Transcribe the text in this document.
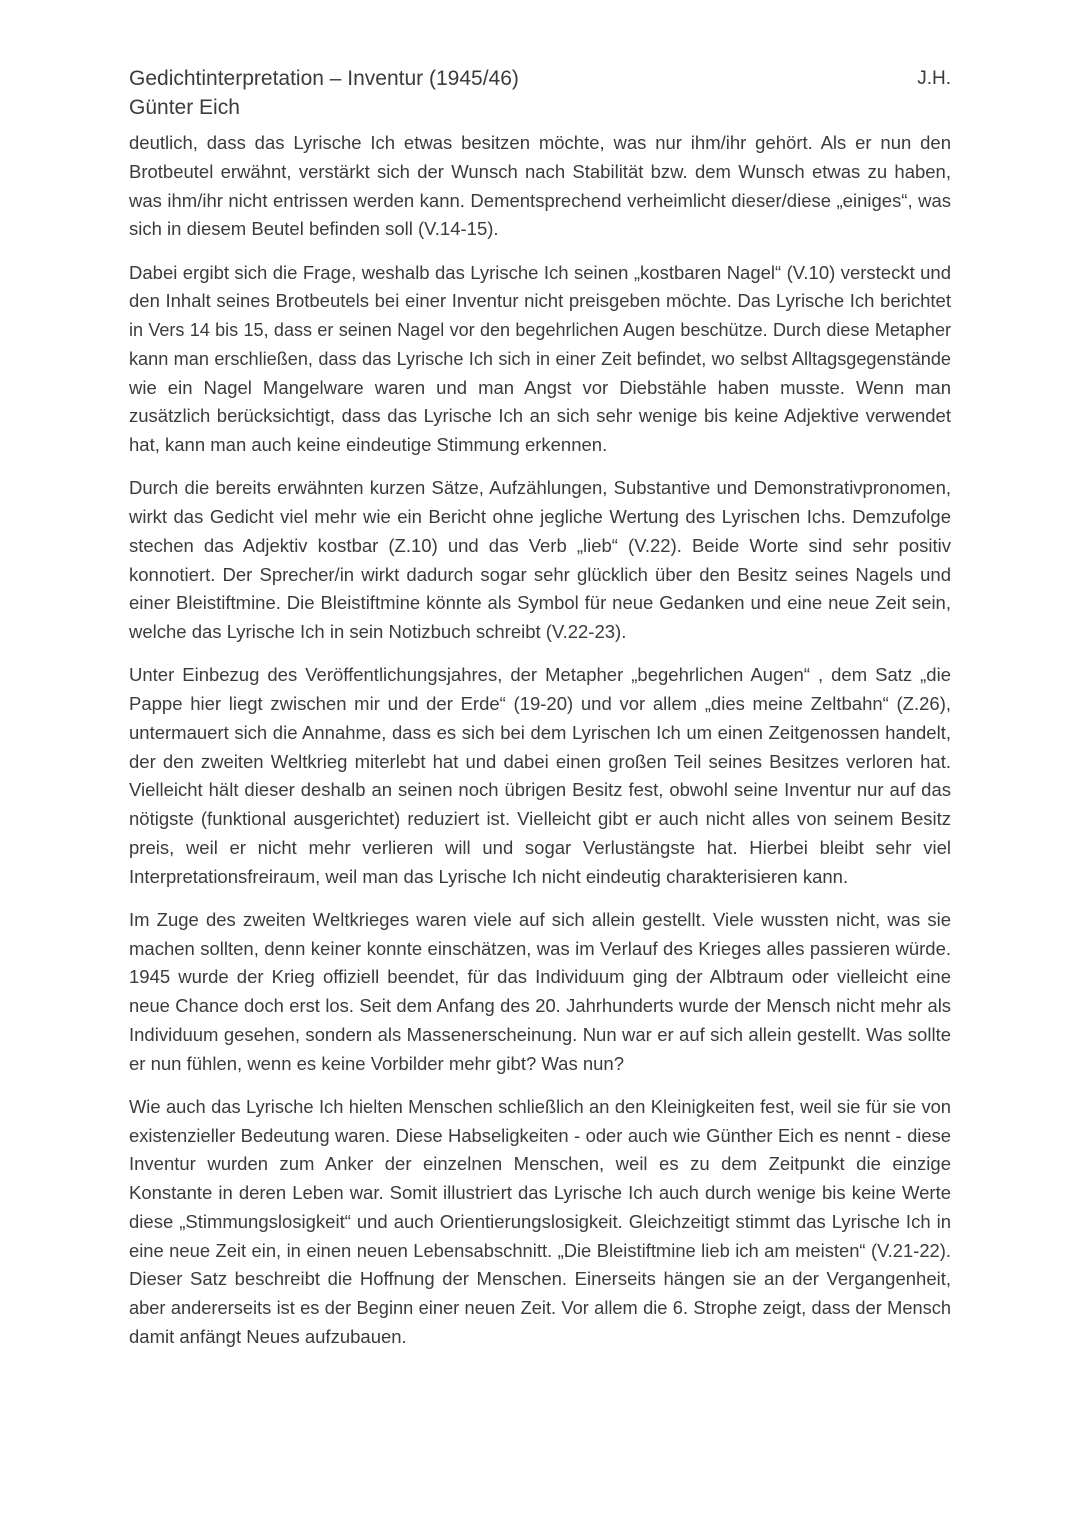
Gedichtinterpretation – Inventur (1945/46)
Günter Eich
J.H.
deutlich, dass das Lyrische Ich etwas besitzen möchte, was nur ihm/ihr gehört. Als er nun den
Brotbeutel erwähnt, verstärkt sich der Wunsch nach Stabilität bzw. dem Wunsch etwas zu haben,
was ihm/ihr nicht entrissen werden kann. Dementsprechend verheimlicht dieser/diese „einiges“, was
sich in diesem Beutel befinden soll (V.14-15).
Dabei ergibt sich die Frage, weshalb das Lyrische Ich seinen „kostbaren Nagel“ (V.10) versteckt und
den Inhalt seines Brotbeutels bei einer Inventur nicht preisgeben möchte. Das Lyrische Ich berichtet
in Vers 14 bis 15, dass er seinen Nagel vor den begehrlichen Augen beschütze. Durch diese Metapher
kann man erschließen, dass das Lyrische Ich sich in einer Zeit befindet, wo selbst Alltagsgegenstände
wie ein Nagel Mangelware waren und man Angst vor Diebstähle haben musste. Wenn man
zusätzlich berücksichtigt, dass das Lyrische Ich an sich sehr wenige bis keine Adjektive verwendet
hat, kann man auch keine eindeutige Stimmung erkennen.
Durch die bereits erwähnten kurzen Sätze, Aufzählungen, Substantive und Demonstrativpronomen,
wirkt das Gedicht viel mehr wie ein Bericht ohne jegliche Wertung des Lyrischen Ichs. Demzufolge
stechen das Adjektiv kostbar (Z.10) und das Verb „lieb“ (V.22). Beide Worte sind sehr positiv
konnotiert. Der Sprecher/in wirkt dadurch sogar sehr glücklich über den Besitz seines Nagels und
einer Bleistiftmine. Die Bleistiftmine könnte als Symbol für neue Gedanken und eine neue Zeit sein,
welche das Lyrische Ich in sein Notizbuch schreibt (V.22-23).
Unter Einbezug des Veröffentlichungsjahres, der Metapher „begehrlichen Augen“ , dem Satz „die
Pappe hier liegt zwischen mir und der Erde“ (19-20) und vor allem „dies meine Zeltbahn“ (Z.26),
untermauert sich die Annahme, dass es sich bei dem Lyrischen Ich um einen Zeitgenossen handelt,
der den zweiten Weltkrieg miterlebt hat und dabei einen großen Teil seines Besitzes verloren hat.
Vielleicht hält dieser deshalb an seinen noch übrigen Besitz fest, obwohl seine Inventur nur auf das
nötigste (funktional ausgerichtet) reduziert ist. Vielleicht gibt er auch nicht alles von seinem Besitz
preis, weil er nicht mehr verlieren will und sogar Verlustängste hat. Hierbei bleibt sehr viel
Interpretationsfreiraum, weil man das Lyrische Ich nicht eindeutig charakterisieren kann.
Im Zuge des zweiten Weltkrieges waren viele auf sich allein gestellt. Viele wussten nicht, was sie
machen sollten, denn keiner konnte einschätzen, was im Verlauf des Krieges alles passieren würde.
1945 wurde der Krieg offiziell beendet, für das Individuum ging der Albtraum oder vielleicht eine
neue Chance doch erst los. Seit dem Anfang des 20. Jahrhunderts wurde der Mensch nicht mehr als
Individuum gesehen, sondern als Massenerscheinung. Nun war er auf sich allein gestellt. Was sollte
er nun fühlen, wenn es keine Vorbilder mehr gibt? Was nun?
Wie auch das Lyrische Ich hielten Menschen schließlich an den Kleinigkeiten fest, weil sie für sie von
existenzieller Bedeutung waren. Diese Habseligkeiten - oder auch wie Günther Eich es nennt - diese
Inventur wurden zum Anker der einzelnen Menschen, weil es zu dem Zeitpunkt die einzige
Konstante in deren Leben war. Somit illustriert das Lyrische Ich auch durch wenige bis keine Werte
diese „Stimmungslosigkeit“ und auch Orientierungslosigkeit. Gleichzeitigt stimmt das Lyrische Ich in
eine neue Zeit ein, in einen neuen Lebensabschnitt. „Die Bleistiftmine lieb ich am meisten“ (V.21-22).
Dieser Satz beschreibt die Hoffnung der Menschen. Einerseits hängen sie an der Vergangenheit,
aber andererseits ist es der Beginn einer neuen Zeit. Vor allem die 6. Strophe zeigt, dass der Mensch
damit anfängt Neues aufzubauen.
